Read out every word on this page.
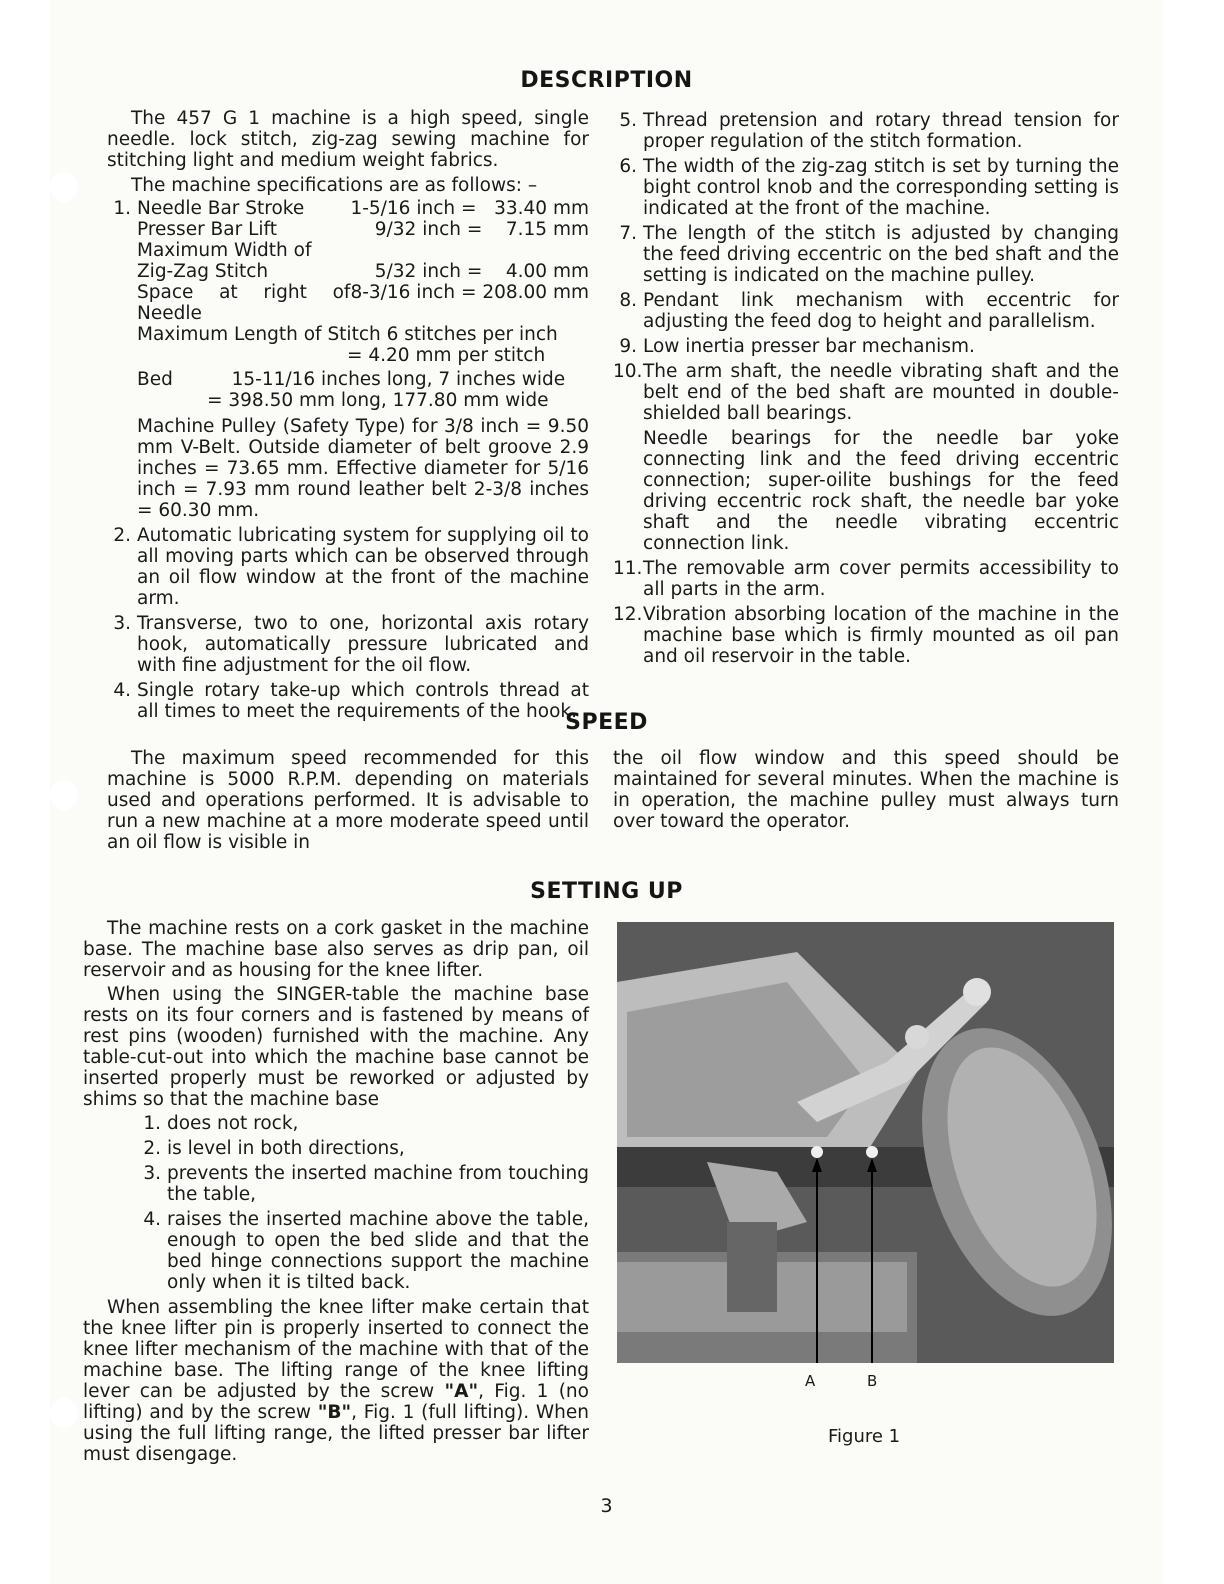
DESCRIPTION

The 457 G 1 machine is a high speed, single needle. lock stitch, zig-zag sewing machine for stitching light and medium weight fabrics.

The machine specifications are as follows: –

1. Needle Bar Stroke 1-5/16 inch =   33.40 mm
Presser Bar Lift	9/32 inch =    7.15 mm
Maximum Width of
Zig-Zag Stitch	5/32 inch =    4.00 mm
Space at right of Needle
8-3/16 inch = 208.00 mm
Maximum Length of Stitch 6 stitches per inch
= 4.20 mm per stitch
Bed          15-11/16 inches long, 7 inches wide
= 398.50 mm long, 177.80 mm wide
Machine Pulley (Safety Type) for 3/8 inch = 9.50 mm V-Belt. Outside diameter of belt groove 2.9 inches = 73.65 mm. Effective diameter for 5/16 inch = 7.93 mm round leather belt 2-3/8 inches = 60.30 mm.
2. Automatic lubricating system for supplying oil to all moving parts which can be observed through an oil flow window at the front of the machine arm.
3. Transverse, two to one, horizontal axis rotary hook, automatically pressure lubricated and with fine adjustment for the oil flow.
4. Single rotary take-up which controls thread at all times to meet the requirements of the hook.
5. Thread pretension and rotary thread tension for proper regulation of the stitch formation.
6. The width of the zig-zag stitch is set by turning the bight control knob and the corresponding setting is indicated at the front of the machine.
7. The length of the stitch is adjusted by changing the feed driving eccentric on the bed shaft and the setting is indicated on the machine pulley.
8. Pendant link mechanism with eccentric for adjusting the feed dog to height and parallelism.
9. Low inertia presser bar mechanism.
10. The arm shaft, the needle vibrating shaft and the belt end of the bed shaft are mounted in double-shielded ball bearings.
Needle bearings for the needle bar yoke connecting link and the feed driving eccentric connection; super-oilite bushings for the feed driving eccentric rock shaft, the needle bar yoke shaft and the needle vibrating eccentric connection link.
11. The removable arm cover permits accessibility to all parts in the arm.
12. Vibration absorbing location of the machine in the machine base which is firmly mounted as oil pan and oil reservoir in the table.
SPEED

The maximum speed recommended for this machine is 5000 R.P.M. depending on materials used and operations performed. It is advisable to run a new machine at a more moderate speed until an oil flow is visible in

the oil flow window and this speed should be maintained for several minutes. When the machine is in operation, the machine pulley must always turn over toward the operator.

SETTING UP

The machine rests on a cork gasket in the machine base. The machine base also serves as drip pan, oil reservoir and as housing for the knee lifter.

When using the SINGER-table the machine base rests on its four corners and is fastened by means of rest pins (wooden) furnished with the machine. Any table-cut-out into which the machine base cannot be inserted properly must be reworked or adjusted by shims so that the machine base

1. does not rock,
2. is level in both directions,
3. prevents the inserted machine from touching the table,
4. raises the inserted machine above the table, enough to open the bed slide and that the bed hinge connections support the machine only when it is tilted back.

When assembling the knee lifter make certain that the knee lifter pin is properly inserted to connect the knee lifter mechanism of the machine with that of the machine base. The lifting range of the knee lifting lever can be adjusted by the screw "A", Fig. 1 (no lifting) and by the screw "B", Fig. 1 (full lifting). When using the full lifting range, the lifted presser bar lifter must disengage.

A	B
Figure 1
3
